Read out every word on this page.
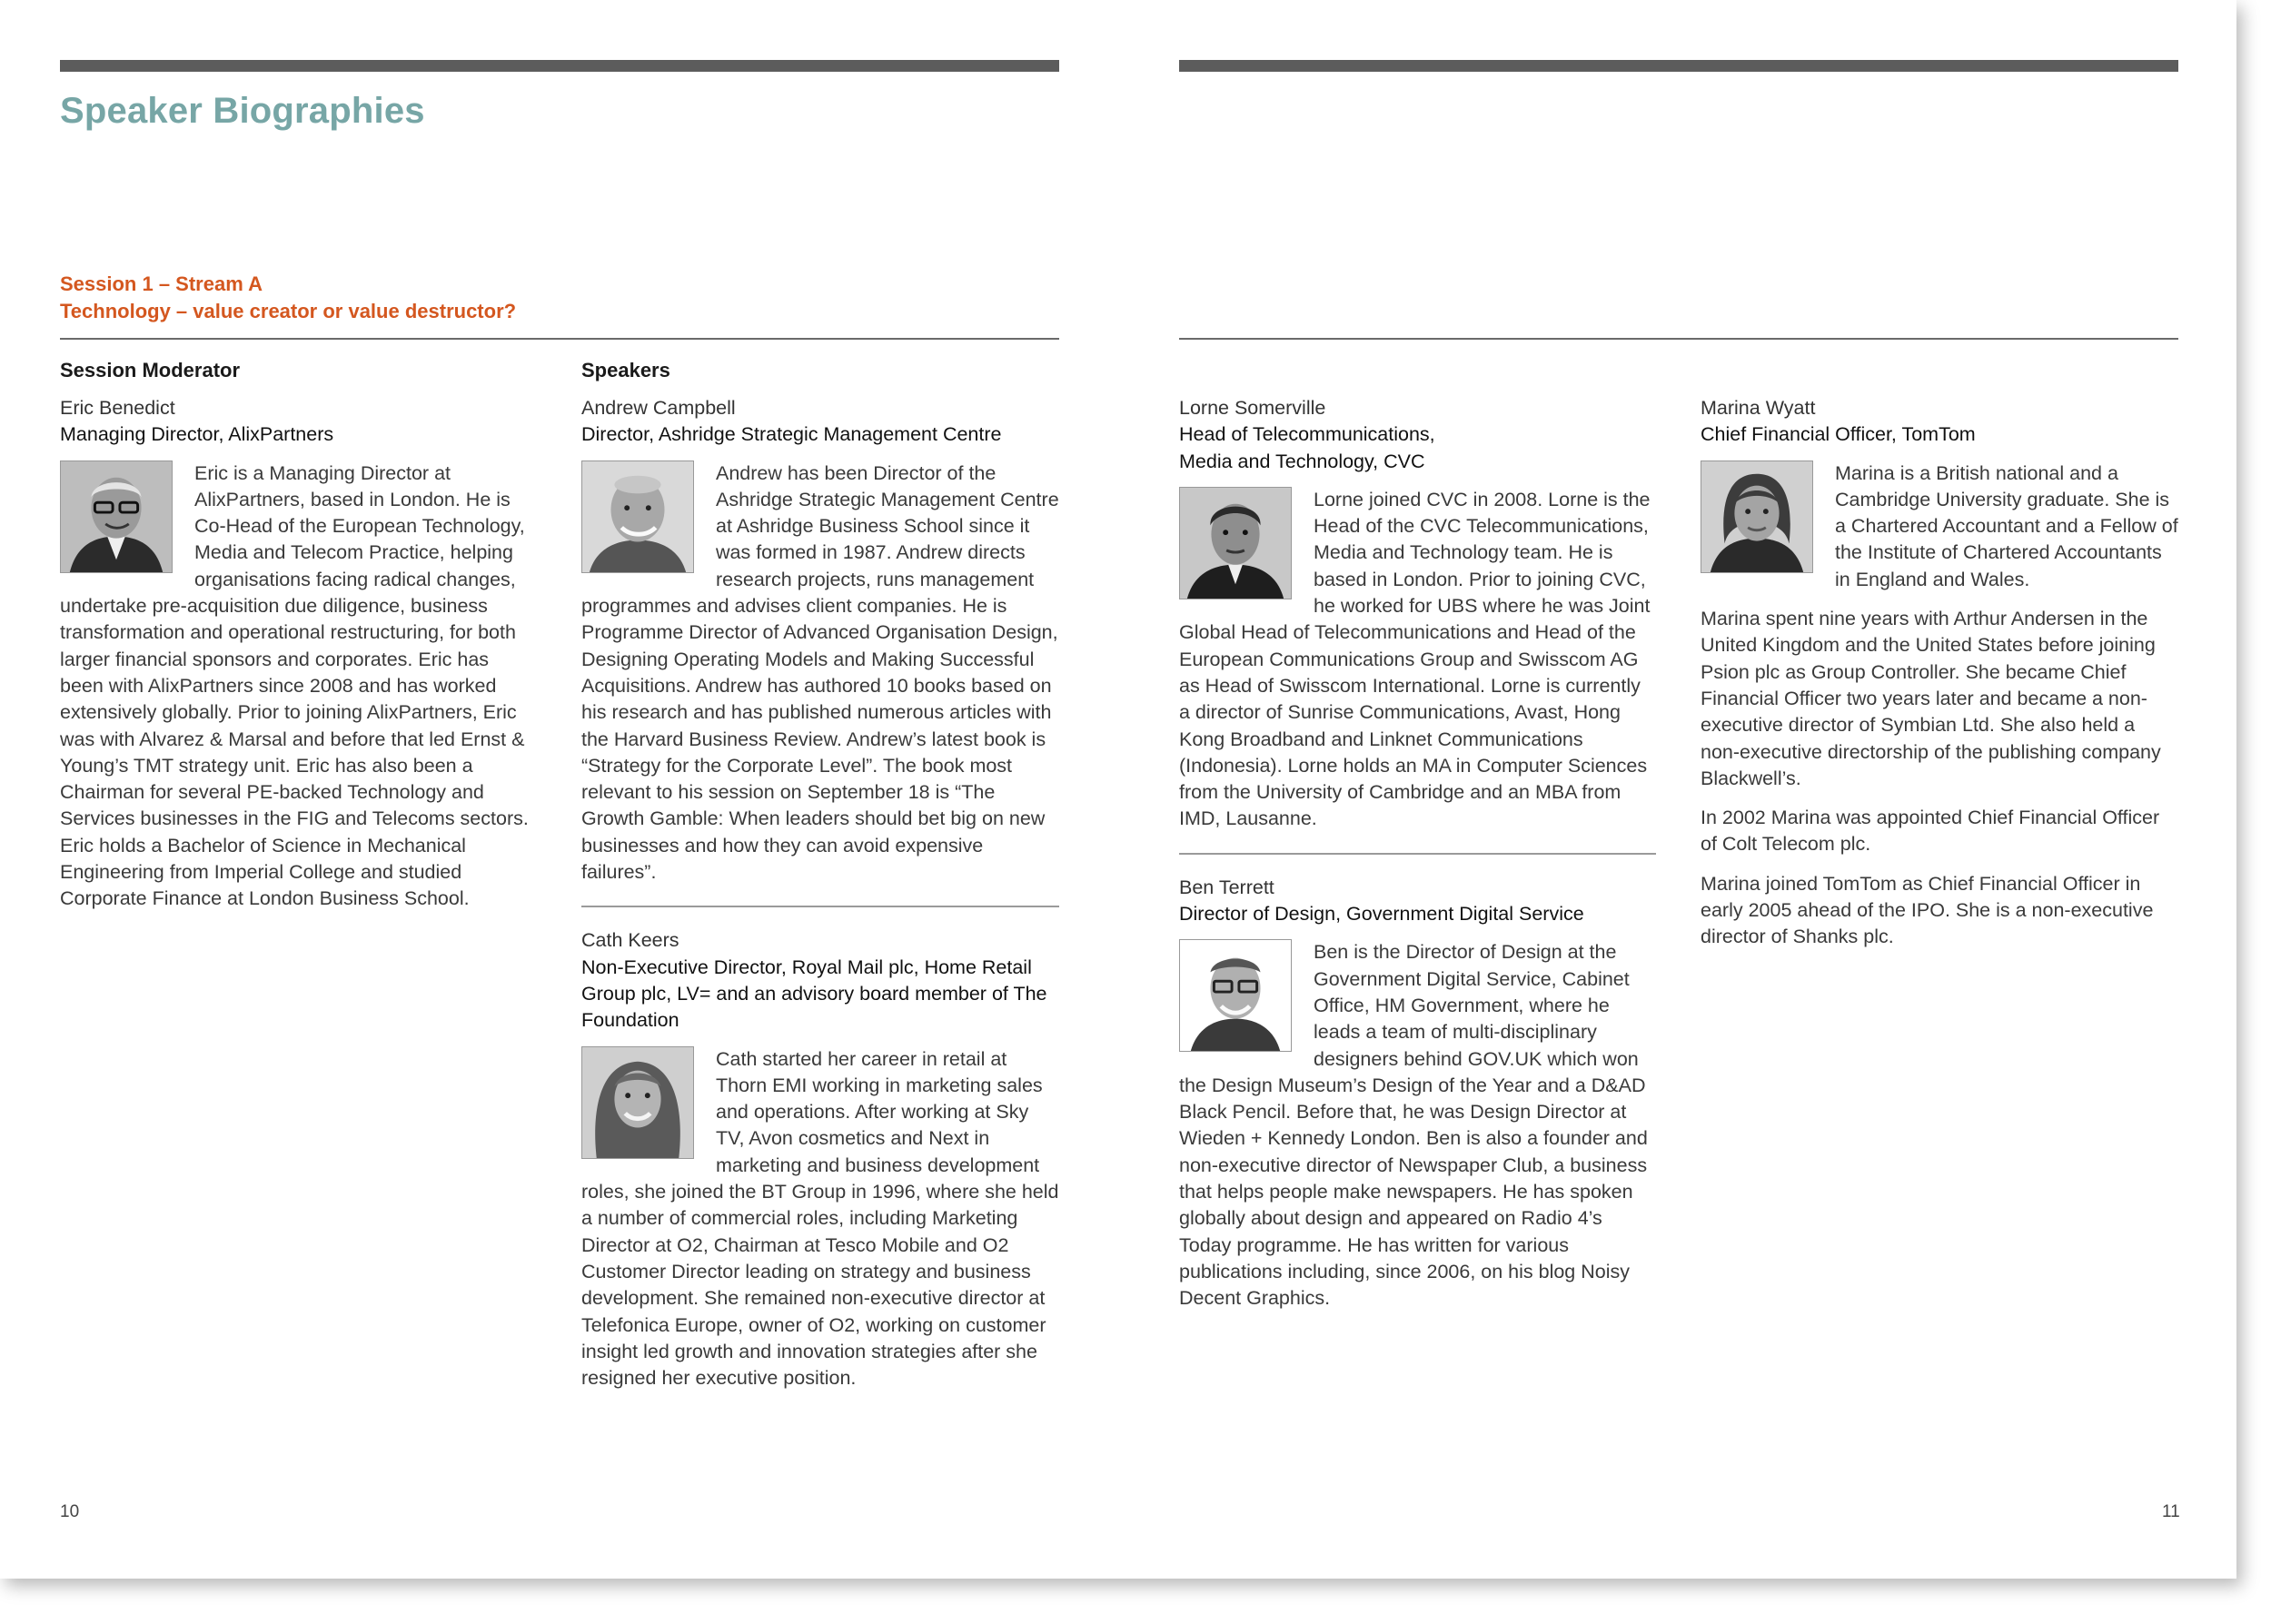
Speaker Biographies
Session 1 – Stream A
Technology – value creator or value destructor?
Session Moderator
Eric Benedict
Managing Director, AlixPartners

Eric is a Managing Director at AlixPartners, based in London. He is Co-Head of the European Technology, Media and Telecom Practice, helping organisations facing radical changes, undertake pre-acquisition due diligence, business transformation and operational restructuring, for both larger financial sponsors and corporates. Eric has been with AlixPartners since 2008 and has worked extensively globally. Prior to joining AlixPartners, Eric was with Alvarez & Marsal and before that led Ernst & Young’s TMT strategy unit. Eric has also been a Chairman for several PE-backed Technology and Services businesses in the FIG and Telecoms sectors. Eric holds a Bachelor of Science in Mechanical Engineering from Imperial College and studied Corporate Finance at London Business School.

Speakers
Andrew Campbell
Director, Ashridge Strategic Management Centre

Andrew has been Director of the Ashridge Strategic Management Centre at Ashridge Business School since it was formed in 1987. Andrew directs research projects, runs management programmes and advises client companies. He is Programme Director of Advanced Organisation Design, Designing Operating Models and Making Successful Acquisitions. Andrew has authored 10 books based on his research and has published numerous articles with the Harvard Business Review. Andrew’s latest book is “Strategy for the Corporate Level”. The book most relevant to his session on September 18 is “The Growth Gamble: When leaders should bet big on new businesses and how they can avoid expensive failures”.

Cath Keers
Non-Executive Director, Royal Mail plc, Home Retail Group plc, LV= and an advisory board member of The Foundation

Cath started her career in retail at Thorn EMI working in marketing sales and operations. After working at Sky TV, Avon cosmetics and Next in marketing and business development roles, she joined the BT Group in 1996, where she held a number of commercial roles, including Marketing Director at O2, Chairman at Tesco Mobile and O2 Customer Director leading on strategy and business development. She remained non-executive director at Telefonica Europe, owner of O2, working on customer insight led growth and innovation strategies after she resigned her executive position.

Lorne Somerville
Head of Telecommunications,
Media and Technology, CVC

Lorne joined CVC in 2008. Lorne is the Head of the CVC Telecommunications, Media and Technology team. He is based in London. Prior to joining CVC, he worked for UBS where he was Joint Global Head of Telecommunications and Head of the European Communications Group and Swisscom AG as Head of Swisscom International. Lorne is currently a director of Sunrise Communications, Avast, Hong Kong Broadband and Linknet Communications (Indonesia). Lorne holds an MA in Computer Sciences from the University of Cambridge and an MBA from IMD, Lausanne.

Ben Terrett
Director of Design, Government Digital Service

Ben is the Director of Design at the Government Digital Service, Cabinet Office, HM Government, where he leads a team of multi-disciplinary designers behind GOV.UK which won the Design Museum’s Design of the Year and a D&AD Black Pencil. Before that, he was Design Director at Wieden + Kennedy London. Ben is also a founder and non-executive director of Newspaper Club, a business that helps people make newspapers. He has spoken globally about design and appeared on Radio 4’s Today programme. He has written for various publications including, since 2006, on his blog Noisy Decent Graphics.

Marina Wyatt
Chief Financial Officer, TomTom

Marina is a British national and a Cambridge University graduate. She is a Chartered Accountant and a Fellow of the Institute of Chartered Accountants in England and Wales.

Marina spent nine years with Arthur Andersen in the United Kingdom and the United States before joining Psion plc as Group Controller. She became Chief Financial Officer two years later and became a non-executive director of Symbian Ltd. She also held a non-executive directorship of the publishing company Blackwell’s.

In 2002 Marina was appointed Chief Financial Officer of Colt Telecom plc.

Marina joined TomTom as Chief Financial Officer in early 2005 ahead of the IPO. She is a non-executive director of Shanks plc.

10	11
